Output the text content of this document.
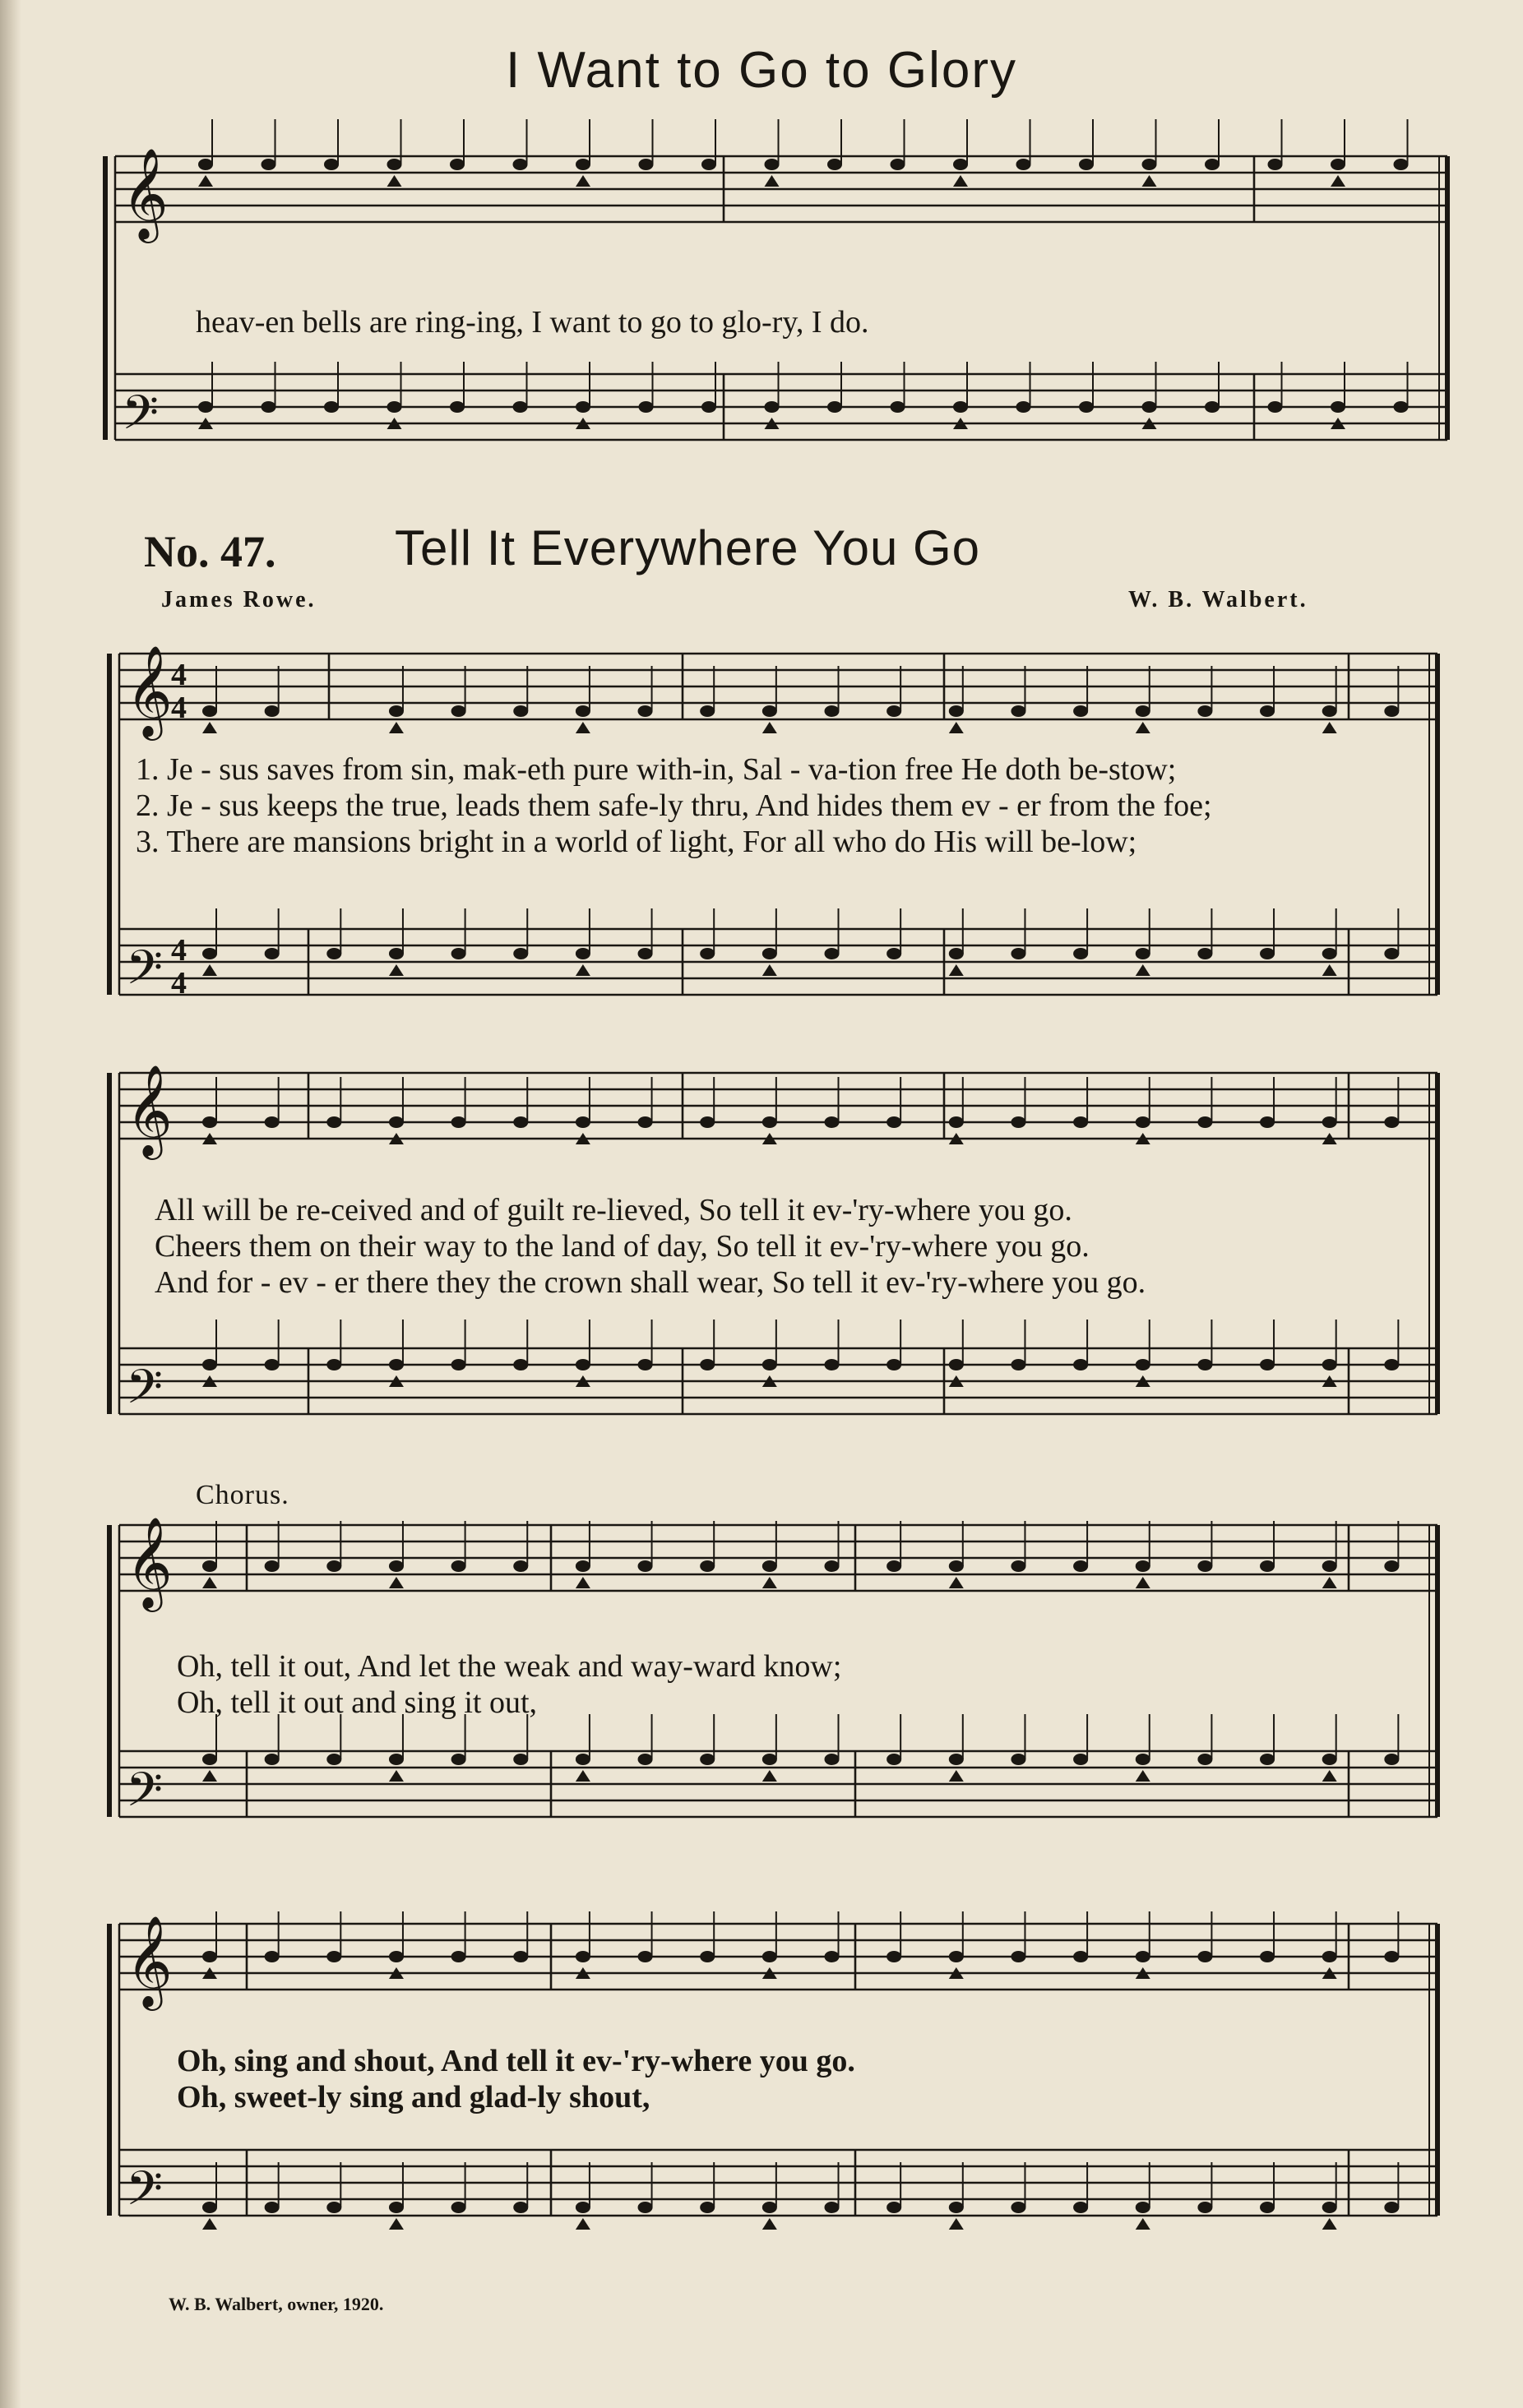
I Want to Go to Glory
𝄞
𝄢
𝄞
𝄢
𝄞
𝄢
𝄞
𝄢
𝄞
𝄢
4
4
4
4
heav-en bells are ring-ing, I want to go to glo-ry, I do.
No. 47. Tell It Everywhere You Go
James Rowe.	W. B. Walbert.
1. Je - sus saves from sin, mak-eth pure with-in, Sal - va-tion free He doth be-stow;
2. Je - sus keeps the true, leads them safe-ly thru, And hides them ev - er from the foe;
3. There are mansions bright in a world of light, For all who do His will be-low;
All will be re-ceived and of guilt re-lieved, So tell it ev-'ry-where you go.
Cheers them on their way to the land of day, So tell it ev-'ry-where you go.
And for - ev - er there they the crown shall wear, So tell it ev-'ry-where you go.
Chorus.
Oh, tell it out, And let the weak and way-ward know;
Oh, tell it out and sing it out,
Oh, sing and shout, And tell it ev-'ry-where you go.
Oh, sweet-ly sing and glad-ly shout,
W. B. Walbert, owner, 1920.
